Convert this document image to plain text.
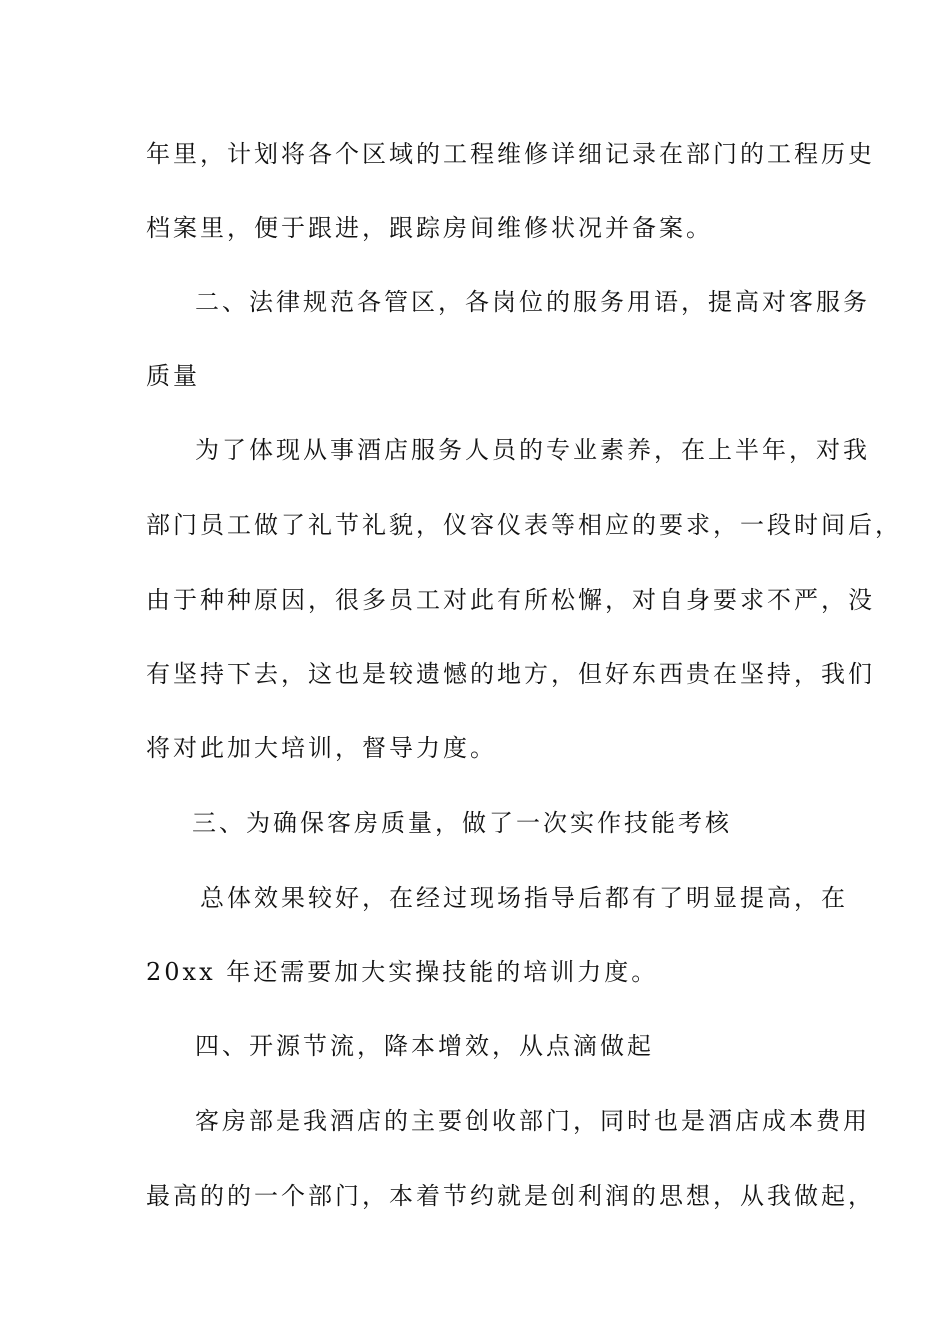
年里，计划将各个区域的工程维修详细记录在部门的工程历史
档案里，便于跟进，跟踪房间维修状况并备案。
二、法律规范各管区，各岗位的服务用语，提高对客服务
质量
为了体现从事酒店服务人员的专业素养，在上半年，对我
部门员工做了礼节礼貌，仪容仪表等相应的要求，一段时间后，
由于种种原因，很多员工对此有所松懈，对自身要求不严，没
有坚持下去，这也是较遗憾的地方，但好东西贵在坚持，我们
将对此加大培训，督导力度。
三、为确保客房质量，做了一次实作技能考核
总体效果较好，在经过现场指导后都有了明显提高，在
20xx 年还需要加大实操技能的培训力度。
四、开源节流，降本增效，从点滴做起
客房部是我酒店的主要创收部门，同时也是酒店成本费用
最高的的一个部门，本着节约就是创利润的思想，从我做起，
